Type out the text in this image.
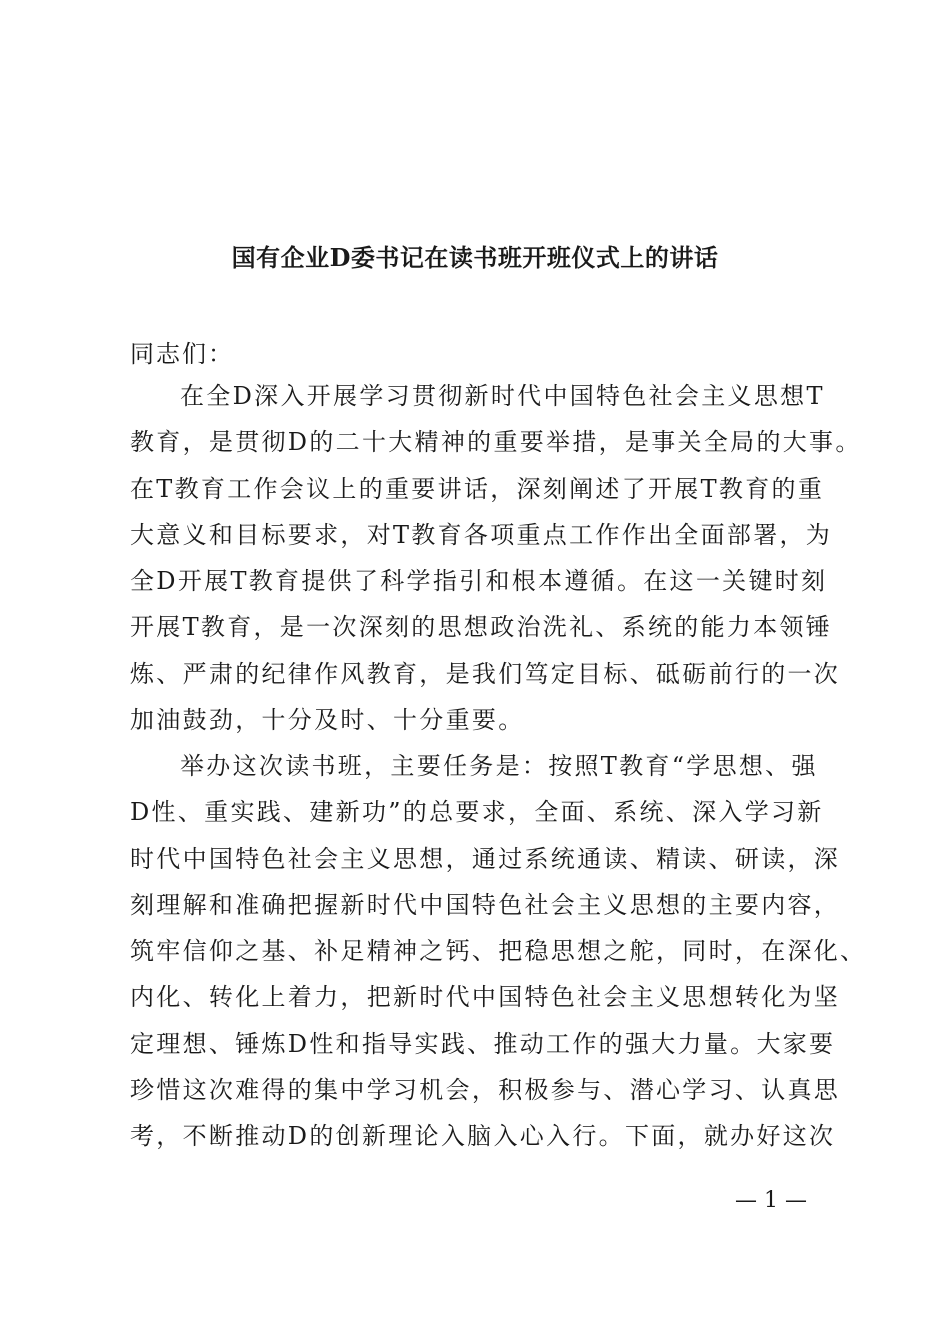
国有企业D委书记在读书班开班仪式上的讲话
同志们：
在全D深入开展学习贯彻新时代中国特色社会主义思想T
教育，是贯彻D的二十大精神的重要举措，是事关全局的大事。
在T教育工作会议上的重要讲话，深刻阐述了开展T教育的重
大意义和目标要求，对T教育各项重点工作作出全面部署，为
全D开展T教育提供了科学指引和根本遵循。在这一关键时刻
开展T教育，是一次深刻的思想政治洗礼、系统的能力本领锤
炼、严肃的纪律作风教育，是我们笃定目标、砥砺前行的一次
加油鼓劲，十分及时、十分重要。
举办这次读书班，主要任务是：按照T教育“学思想、强
D性、重实践、建新功”的总要求，全面、系统、深入学习新
时代中国特色社会主义思想，通过系统通读、精读、研读，深
刻理解和准确把握新时代中国特色社会主义思想的主要内容，
筑牢信仰之基、补足精神之钙、把稳思想之舵，同时，在深化、
内化、转化上着力，把新时代中国特色社会主义思想转化为坚
定理想、锤炼D性和指导实践、推动工作的强大力量。大家要
珍惜这次难得的集中学习机会，积极参与、潜心学习、认真思
考，不断推动D的创新理论入脑入心入行。下面，就办好这次
— 1 —
